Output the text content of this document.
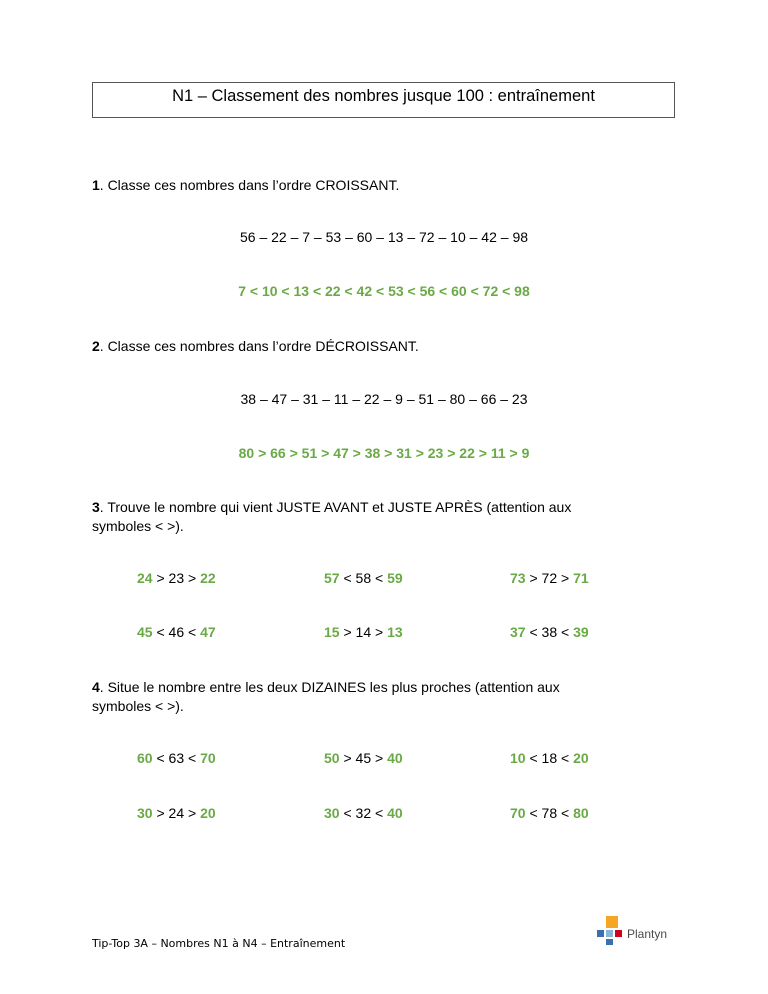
N1 – Classement des nombres jusque 100 : entraînement
1. Classe ces nombres dans l’ordre CROISSANT.
56 – 22 – 7 – 53 – 60 – 13 – 72 – 10 – 42 – 98
7 < 10 < 13 < 22 < 42 < 53 < 56 < 60 < 72 < 98
2. Classe ces nombres dans l’ordre DÉCROISSANT.
38 – 47 – 31 – 11 – 22 – 9 – 51 – 80 – 66 – 23
80 > 66 > 51 > 47 > 38 > 31 > 23 > 22 > 11 > 9
3. Trouve le nombre qui vient JUSTE AVANT et JUSTE APRÈS (attention aux
symboles < >).
24 > 23 > 22	57 < 58 < 59	73 > 72 > 71
45 < 46 < 47	15 > 14 > 13	37 < 38 < 39
4. Situe le nombre entre les deux DIZAINES les plus proches (attention aux
symboles < >).
60 < 63 < 70	50 > 45 > 40	10 < 18 < 20
30 > 24 > 20	30 < 32 < 40	70 < 78 < 80
Tip-Top 3A – Nombres N1 à N4 – Entraînement
Plantyn
